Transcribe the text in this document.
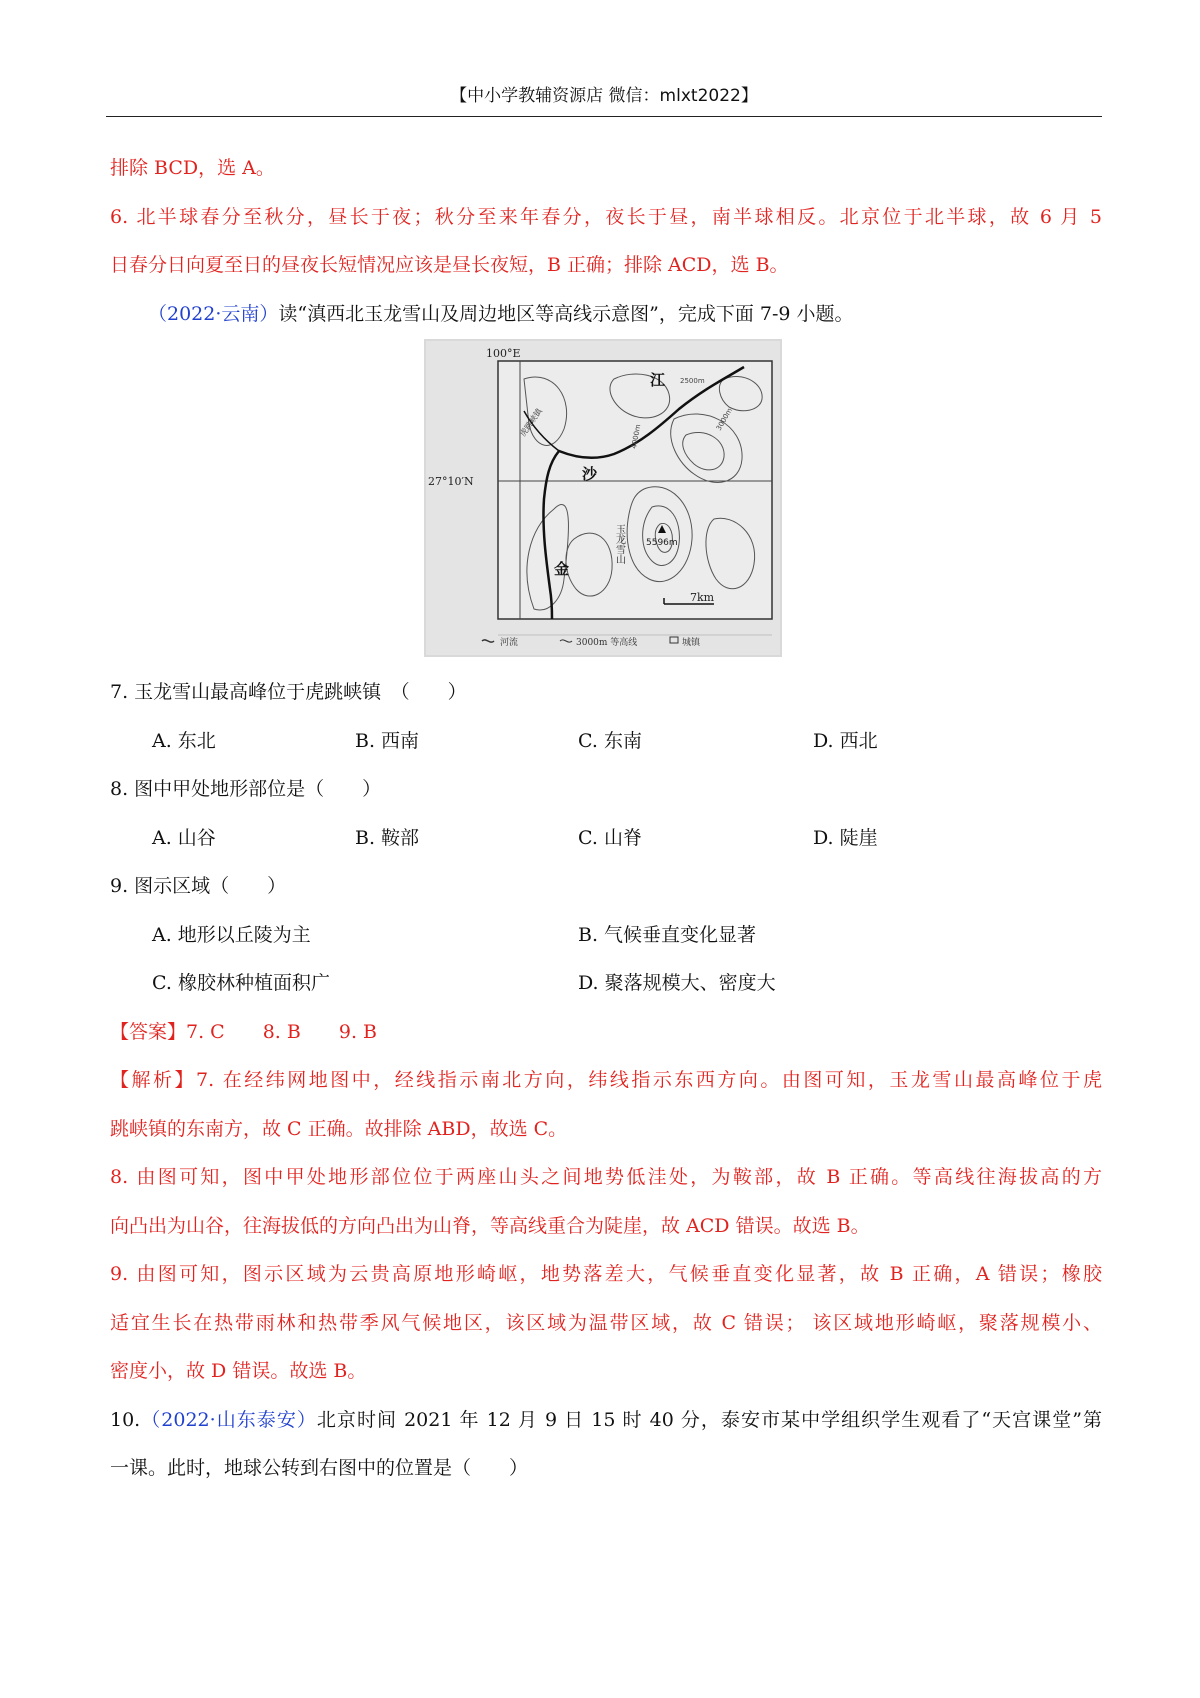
【中小学教辅资源店 微信：mlxt2022】
排除 BCD，选 A。
6. 北半球春分至秋分，昼长于夜；秋分至来年春分，夜长于昼，南半球相反。北京位于北半球，故 6 月 5
日春分日向夏至日的昼夜长短情况应该是昼长夜短，B 正确；排除 ACD，选 B。
（2022·云南）读“滇西北玉龙雪山及周边地区等高线示意图”，完成下面 7-9 小题。
100°E
27°10′N
5596m
7km
江
沙
金
玉龙雪山
虎跳峡镇
2500m
4000m
3000m
河流	3000m 等高线	城镇
7. 玉龙雪山最高峰位于虎跳峡镇　（　　）
A. 东北	B. 西南	C. 东南	D. 西北
8. 图中甲处地形部位是（　　）
A. 山谷	B. 鞍部	C. 山脊	D. 陡崖
9. 图示区域（　　）
A. 地形以丘陵为主	B. 气候垂直变化显著
C. 橡胶林种植面积广	D. 聚落规模大、密度大
【答案】7. C　　8. B　　9. B
【解析】7. 在经纬网地图中，经线指示南北方向，纬线指示东西方向。由图可知，玉龙雪山最高峰位于虎
跳峡镇的东南方，故 C 正确。故排除 ABD，故选 C。
8. 由图可知，图中甲处地形部位位于两座山头之间地势低洼处，为鞍部，故 B 正确。等高线往海拔高的方
向凸出为山谷，往海拔低的方向凸出为山脊，等高线重合为陡崖，故 ACD 错误。故选 B。
9. 由图可知，图示区域为云贵高原地形崎岖，地势落差大，气候垂直变化显著，故 B 正确，A 错误；橡胶
适宜生长在热带雨林和热带季风气候地区，该区域为温带区域，故 C 错误； 该区域地形崎岖，聚落规模小、
密度小，故 D 错误。故选 B。
10.（2022·山东泰安）北京时间 2021 年 12 月 9 日 15 时 40 分，泰安市某中学组织学生观看了“天宫课堂”第
一课。此时，地球公转到右图中的位置是（　　）
